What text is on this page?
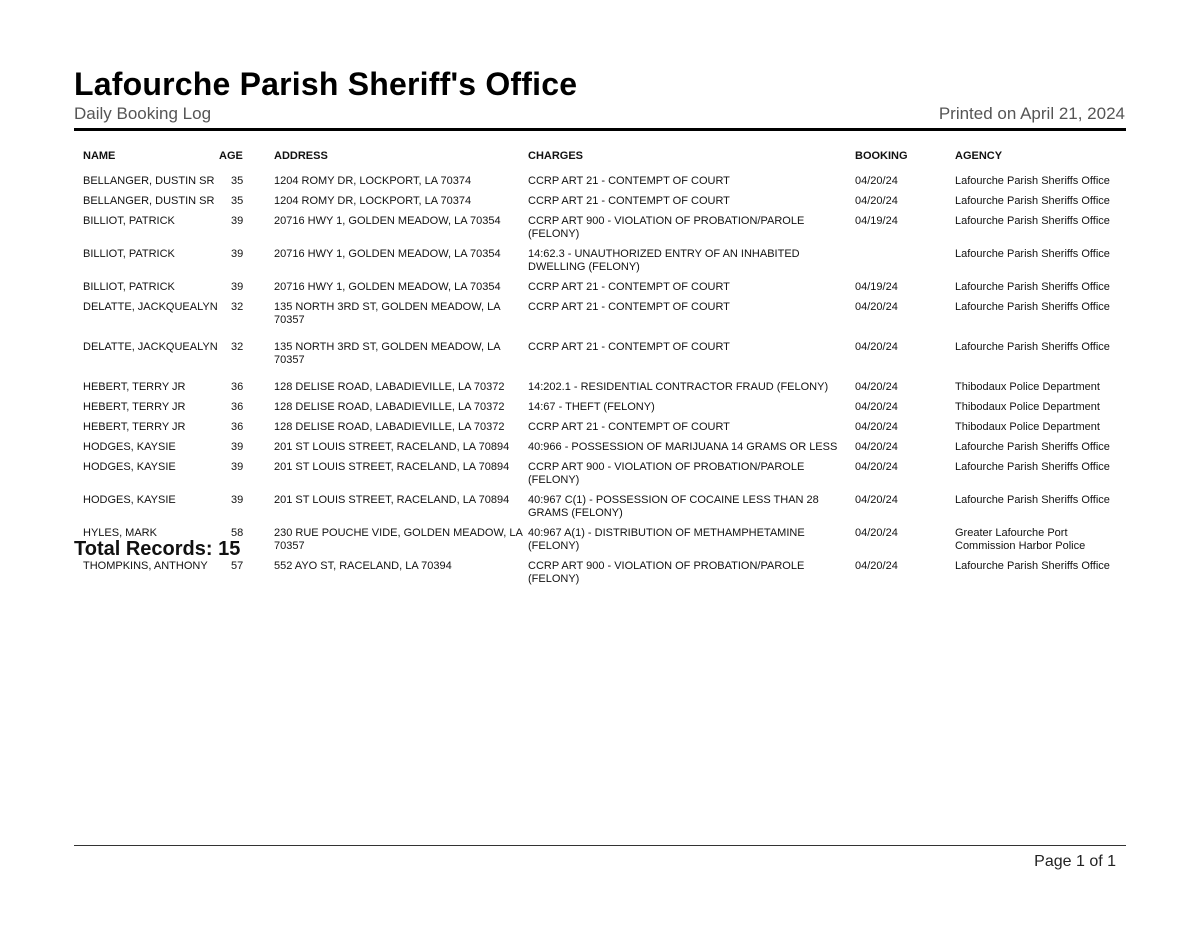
Lafourche Parish Sheriff's Office
Daily Booking Log	Printed on April 21, 2024
NAME	AGE	ADDRESS	CHARGES	BOOKING	AGENCY
BELLANGER, DUSTIN SR	35	1204 ROMY DR, LOCKPORT, LA 70374	CCRP ART 21 - CONTEMPT OF COURT	04/20/24	Lafourche Parish Sheriffs Office
BELLANGER, DUSTIN SR	35	1204 ROMY DR, LOCKPORT, LA 70374	CCRP ART 21 - CONTEMPT OF COURT	04/20/24	Lafourche Parish Sheriffs Office
BILLIOT, PATRICK	39	20716 HWY 1, GOLDEN MEADOW, LA 70354	CCRP ART 900 - VIOLATION OF PROBATION/PAROLE (FELONY)	04/19/24	Lafourche Parish Sheriffs Office
BILLIOT, PATRICK	39	20716 HWY 1, GOLDEN MEADOW, LA 70354	14:62.3 - UNAUTHORIZED ENTRY OF AN INHABITED DWELLING (FELONY)		Lafourche Parish Sheriffs Office
BILLIOT, PATRICK	39	20716 HWY 1, GOLDEN MEADOW, LA 70354	CCRP ART 21 - CONTEMPT OF COURT	04/19/24	Lafourche Parish Sheriffs Office
DELATTE, JACKQUEALYN	32	135 NORTH 3RD ST, GOLDEN MEADOW, LA 70357	CCRP ART 21 - CONTEMPT OF COURT	04/20/24	Lafourche Parish Sheriffs Office
DELATTE, JACKQUEALYN	32	135 NORTH 3RD ST, GOLDEN MEADOW, LA 70357	CCRP ART 21 - CONTEMPT OF COURT	04/20/24	Lafourche Parish Sheriffs Office
HEBERT, TERRY JR	36	128 DELISE ROAD, LABADIEVILLE, LA 70372	14:202.1 - RESIDENTIAL CONTRACTOR FRAUD (FELONY)	04/20/24	Thibodaux Police Department
HEBERT, TERRY JR	36	128 DELISE ROAD, LABADIEVILLE, LA 70372	14:67 - THEFT (FELONY)	04/20/24	Thibodaux Police Department
HEBERT, TERRY JR	36	128 DELISE ROAD, LABADIEVILLE, LA 70372	CCRP ART 21 - CONTEMPT OF COURT	04/20/24	Thibodaux Police Department
HODGES, KAYSIE	39	201 ST LOUIS STREET, RACELAND, LA 70894	40:966 - POSSESSION OF MARIJUANA 14 GRAMS OR LESS	04/20/24	Lafourche Parish Sheriffs Office
HODGES, KAYSIE	39	201 ST LOUIS STREET, RACELAND, LA 70894	CCRP ART 900 - VIOLATION OF PROBATION/PAROLE (FELONY)	04/20/24	Lafourche Parish Sheriffs Office
HODGES, KAYSIE	39	201 ST LOUIS STREET, RACELAND, LA 70894	40:967 C(1) - POSSESSION OF COCAINE LESS THAN 28 GRAMS (FELONY)	04/20/24	Lafourche Parish Sheriffs Office
HYLES, MARK	58	230 RUE POUCHE VIDE, GOLDEN MEADOW, LA 70357	40:967 A(1) - DISTRIBUTION OF METHAMPHETAMINE (FELONY)	04/20/24	Greater Lafourche Port Commission Harbor Police
THOMPKINS, ANTHONY	57	552 AYO ST, RACELAND, LA 70394	CCRP ART 900 - VIOLATION OF PROBATION/PAROLE (FELONY)	04/20/24	Lafourche Parish Sheriffs Office
Total Records: 15
Page 1 of 1
